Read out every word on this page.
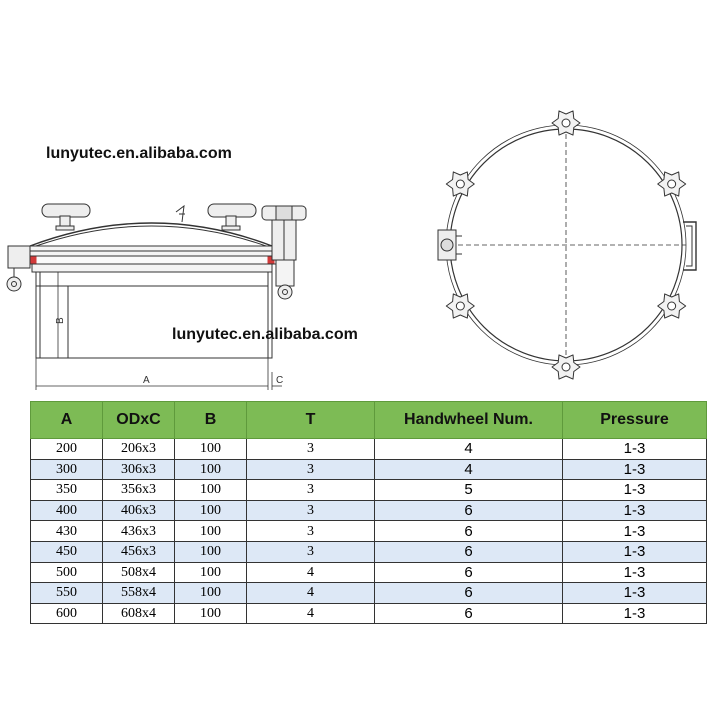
A
B
C
lunyutec.en.alibaba.com
lunyutec.en.alibaba.com
A	ODxC	B	T	Handwheel Num.	Pressure
200	206x3	100	3	4	1-3
300	306x3	100	3	4	1-3
350	356x3	100	3	5	1-3
400	406x3	100	3	6	1-3
430	436x3	100	3	6	1-3
450	456x3	100	3	6	1-3
500	508x4	100	4	6	1-3
550	558x4	100	4	6	1-3
600	608x4	100	4	6	1-3
